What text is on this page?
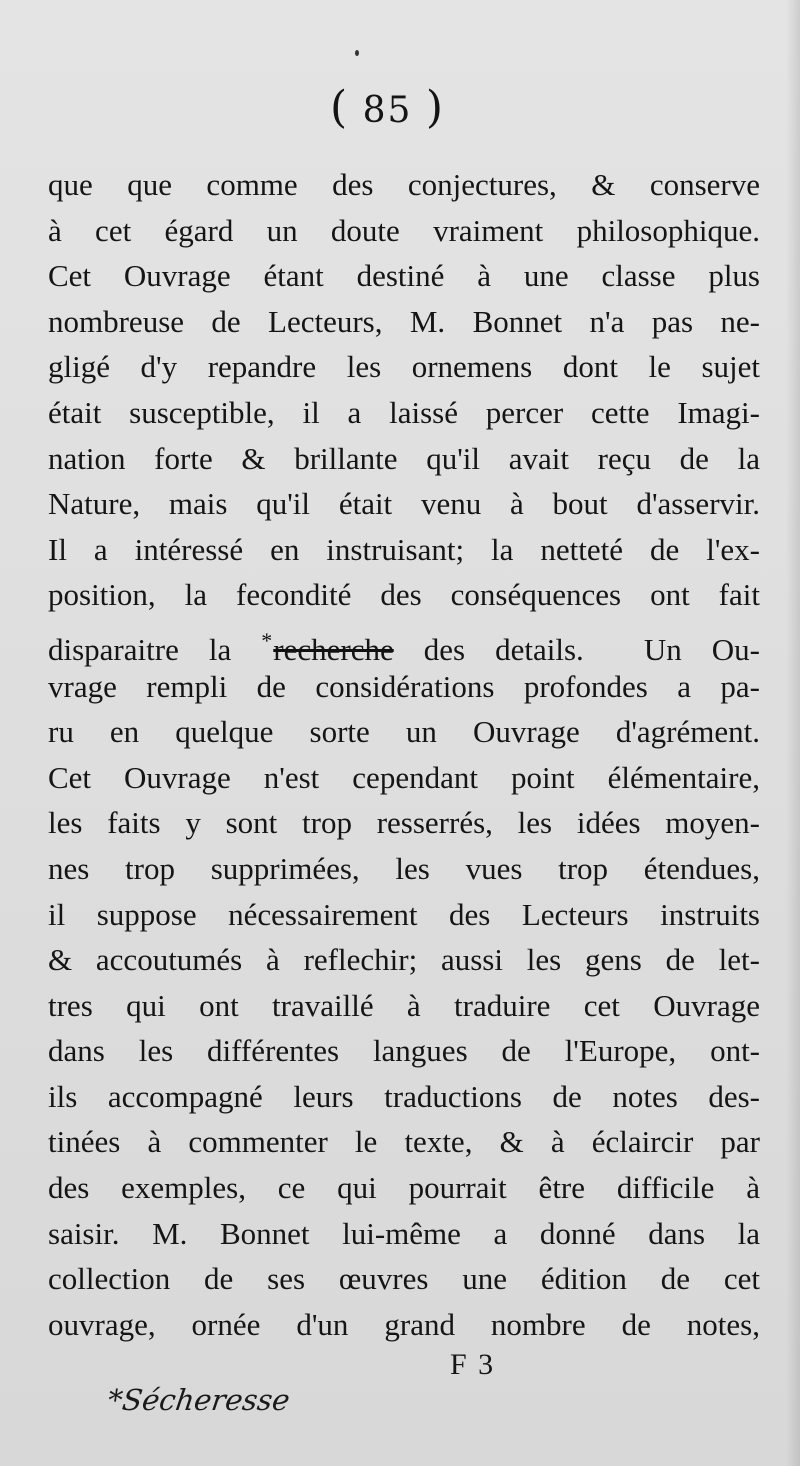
( 85 )
que que comme des conjectures, & conserve
à cet égard un doute vraiment philosophique.
Cet Ouvrage étant destiné à une classe plus
nombreuse de Lecteurs, M. Bonnet n'a pas ne-
gligé d'y repandre les ornemens dont le sujet
était susceptible, il a laissé percer cette Imagi-
nation forte & brillante qu'il avait reçu de la
Nature, mais qu'il était venu à bout d'asservir.
Il a intéressé en instruisant; la netteté de l'ex-
position, la fecondité des conséquences ont fait
disparaitre la *recherche des details.  Un Ou-
vrage rempli de considérations profondes a pa-
ru en quelque sorte un Ouvrage d'agrément.
Cet Ouvrage n'est cependant point élémentaire,
les faits y sont trop resserrés, les idées moyen-
nes trop supprimées, les vues trop étendues,
il suppose nécessairement des Lecteurs instruits
& accoutumés à reflechir; aussi les gens de let-
tres qui ont travaillé à traduire cet Ouvrage
dans les différentes langues de l'Europe, ont-
ils accompagné leurs traductions de notes des-
tinées à commenter le texte, & à éclaircir par
des exemples, ce qui pourrait être difficile à
saisir. M. Bonnet lui-même a donné dans la
collection de ses œuvres une édition de cet
ouvrage, ornée d'un grand nombre de notes,
F 3
*Sécheresse
